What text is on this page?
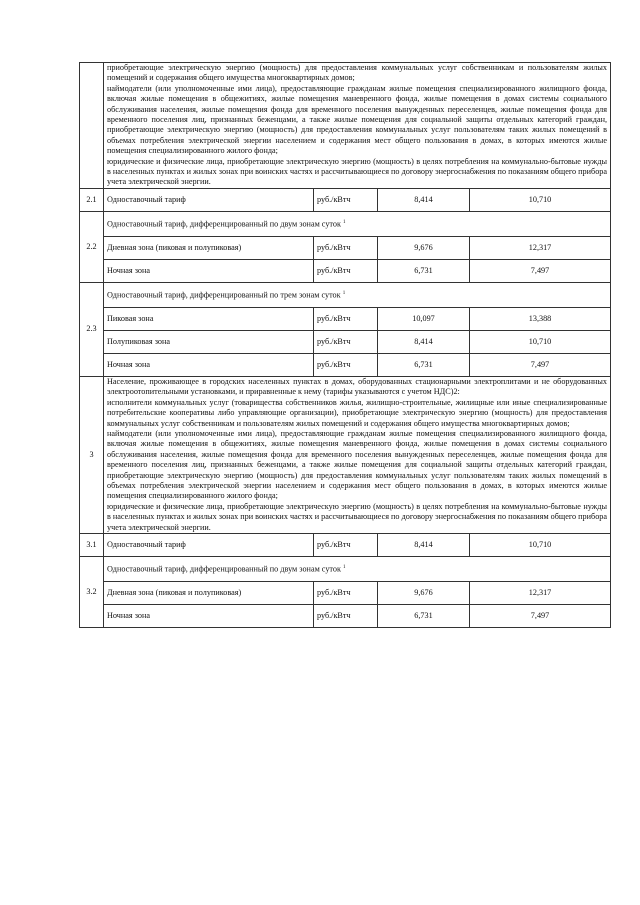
	приобретающие электрическую энергию (мощность) для предоставления коммунальных услуг собственникам и пользователям жилых помещений и содержания общего имущества многоквартирных домов;

наймодатели (или уполномоченные ими лица), предоставляющие гражданам жилые помещения специализированного жилищного фонда, включая жилые помещения в общежитиях, жилые помещения маневренного фонда, жилые помещения в домах системы социального обслуживания населения, жилые помещения фонда для временного поселения вынужденных переселенцев, жилые помещения фонда для временного поселения лиц, признанных беженцами, а также жилые помещения для социальной защиты отдельных категорий граждан, приобретающие электрическую энергию (мощность) для предоставления коммунальных услуг пользователям таких жилых помещений в объемах потребления электрической энергии населением и содержания мест общего пользования в домах, в которых имеются жилые помещения специализированного жилого фонда;

юридические и физические лица, приобретающие электрическую энергию (мощность) в целях потребления на коммунально-бытовые нужды в населенных пунктах и жилых зонах при воинских частях и рассчитывающиеся по договору энергоснабжения по показаниям общего прибора учета электрической энергии.			

2.1	Одноставочный тариф	руб./кВтч	8,414	10,710
2.2	Одноставочный тариф, дифференцированный по двум зонам суток $^1$
	Дневная зона (пиковая и полупиковая)	руб./кВтч	9,676	12,317
	Ночная зона	руб./кВтч	6,731	7,497
2.3	Одноставочный тариф, дифференцированный по трем зонам суток $^1$
	Пиковая зона	руб./кВтч	10,097	13,388
	Полупиковая зона	руб./кВтч	8,414	10,710
	Ночная зона	руб./кВтч	6,731	7,497
3	Население, проживающее в городских населенных пунктах в домах, оборудованных стационарными электроплитами и не оборудованных электроотопительными установками, и приравненные к нему (тарифы указываются с учетом НДС)2:

исполнители коммунальных услуг (товарищества собственников жилья, жилищно-строительные, жилищные или иные специализированные потребительские кооперативы либо управляющие организации), приобретающие электрическую энергию (мощность) для предоставления коммунальных услуг собственникам и пользователям жилых помещений и содержания общего имущества многоквартирных домов;

наймодатели (или уполномоченные ими лица), предоставляющие гражданам жилые помещения специализированного жилищного фонда, включая жилые помещения в общежитиях, жилые помещения маневренного фонда, жилые помещения в домах системы социального обслуживания населения, жилые помещения фонда для временного поселения вынужденных переселенцев, жилые помещения фонда для временного поселения лиц, признанных беженцами, а также жилые помещения для социальной защиты отдельных категорий граждан, приобретающие электрическую энергию (мощность) для предоставления коммунальных услуг пользователям таких жилых помещений в объемах потребления электрической энергии населением и содержания мест общего пользования в домах, в которых имеются жилые помещения специализированного жилого фонда;

юридические и физические лица, приобретающие электрическую энергию (мощность) в целях потребления на коммунально-бытовые нужды в населенных пунктах и жилых зонах при воинских частях и рассчитывающиеся по договору энергоснабжения по показаниям общего прибора учета электрической энергии.			

3.1	Одноставочный тариф	руб./кВтч	8,414	10,710
3.2	Одноставочный тариф, дифференцированный по двум зонам суток $^1$
	Дневная зона (пиковая и полупиковая)	руб./кВтч	9,676	12,317
	Ночная зона	руб./кВтч	6,731	7,497
